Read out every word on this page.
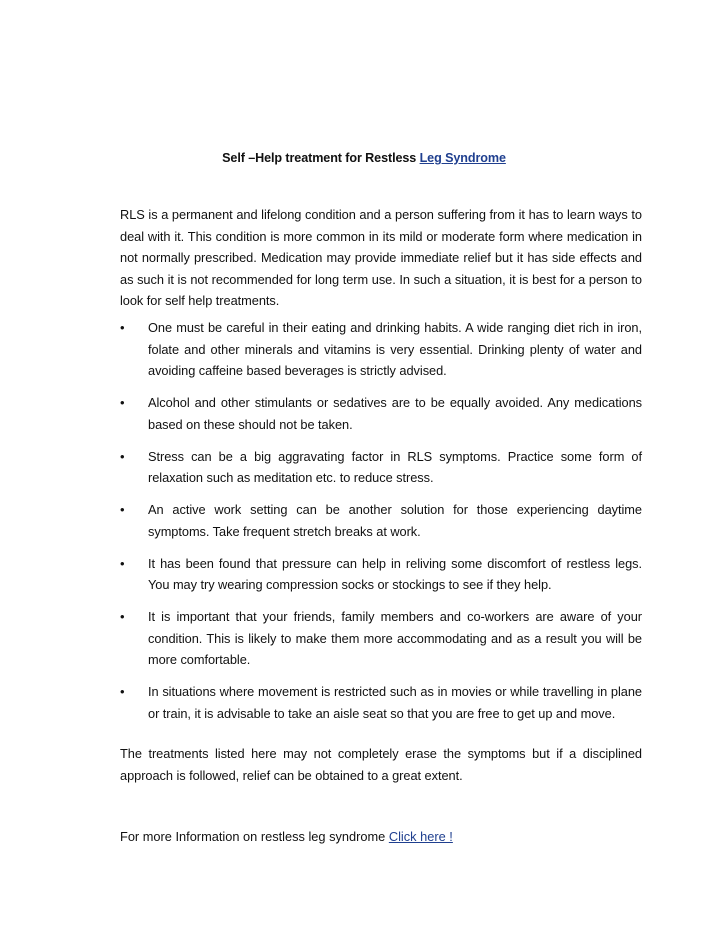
Self –Help treatment for Restless Leg Syndrome

RLS is a permanent and lifelong condition and a person suffering from it has to learn ways to deal with it. This condition is more common in its mild or moderate form where medication in not normally prescribed. Medication may provide immediate relief but it has side effects and as such it is not recommended for long term use. In such a situation, it is best for a person to look for self help treatments.

• One must be careful in their eating and drinking habits. A wide ranging diet rich in iron, folate and other minerals and vitamins is very essential. Drinking plenty of water and avoiding caffeine based beverages is strictly advised.
• Alcohol and other stimulants or sedatives are to be equally avoided. Any medications based on these should not be taken.
• Stress can be a big aggravating factor in RLS symptoms. Practice some form of relaxation such as meditation etc. to reduce stress.
• An active work setting can be another solution for those experiencing daytime symptoms. Take frequent stretch breaks at work.
• It has been found that pressure can help in reliving some discomfort of restless legs. You may try wearing compression socks or stockings to see if they help.
• It is important that your friends, family members and co-workers are aware of your condition. This is likely to make them more accommodating and as a result you will be more comfortable.
• In situations where movement is restricted such as in movies or while travelling in plane or train, it is advisable to take an aisle seat so that you are free to get up and move.

The treatments listed here may not completely erase the symptoms but if a disciplined approach is followed, relief can be obtained to a great extent.

For more Information on restless leg syndrome Click here !
